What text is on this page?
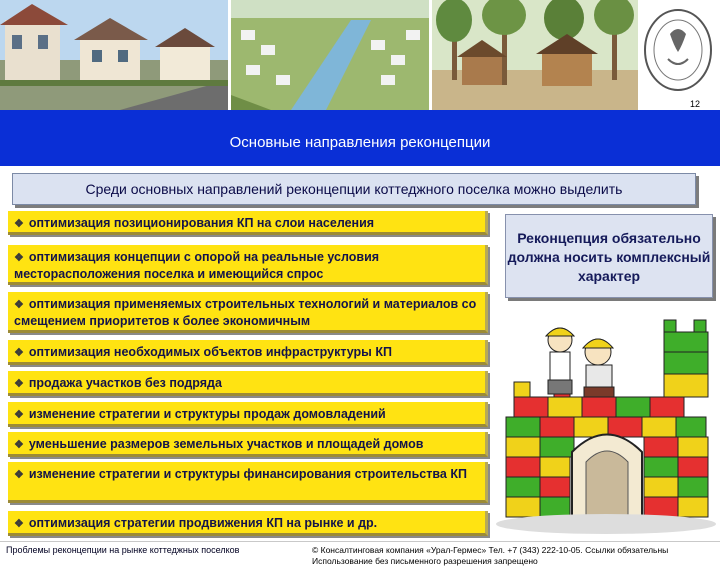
12
Основные направления реконцепции
Среди основных направлений реконцепции коттеджного поселка можно выделить
❖ оптимизация позиционирования КП на слои населения
❖ оптимизация концепции с опорой на реальные условия месторасположения поселка и имеющийся спрос
❖ оптимизация применяемых строительных технологий и материалов со смещением приоритетов к более экономичным
❖ оптимизация необходимых объектов инфраструктуры КП
❖ продажа участков без подряда
❖ изменение стратегии и структуры продаж домовладений
❖ уменьшение размеров земельных участков и площадей домов
❖ изменение стратегии и структуры финансирования строительства КП
❖ оптимизация стратегии продвижения КП на рынке и др.
Реконцепция обязательно должна носить комплексный характер
Проблемы реконцепции на рынке коттеджных поселков	© Консалтинговая компания «Урал-Гермес» Тел. +7 (343) 222-10-05. Ссылки обязательны Использование без письменного разрешения запрещено
